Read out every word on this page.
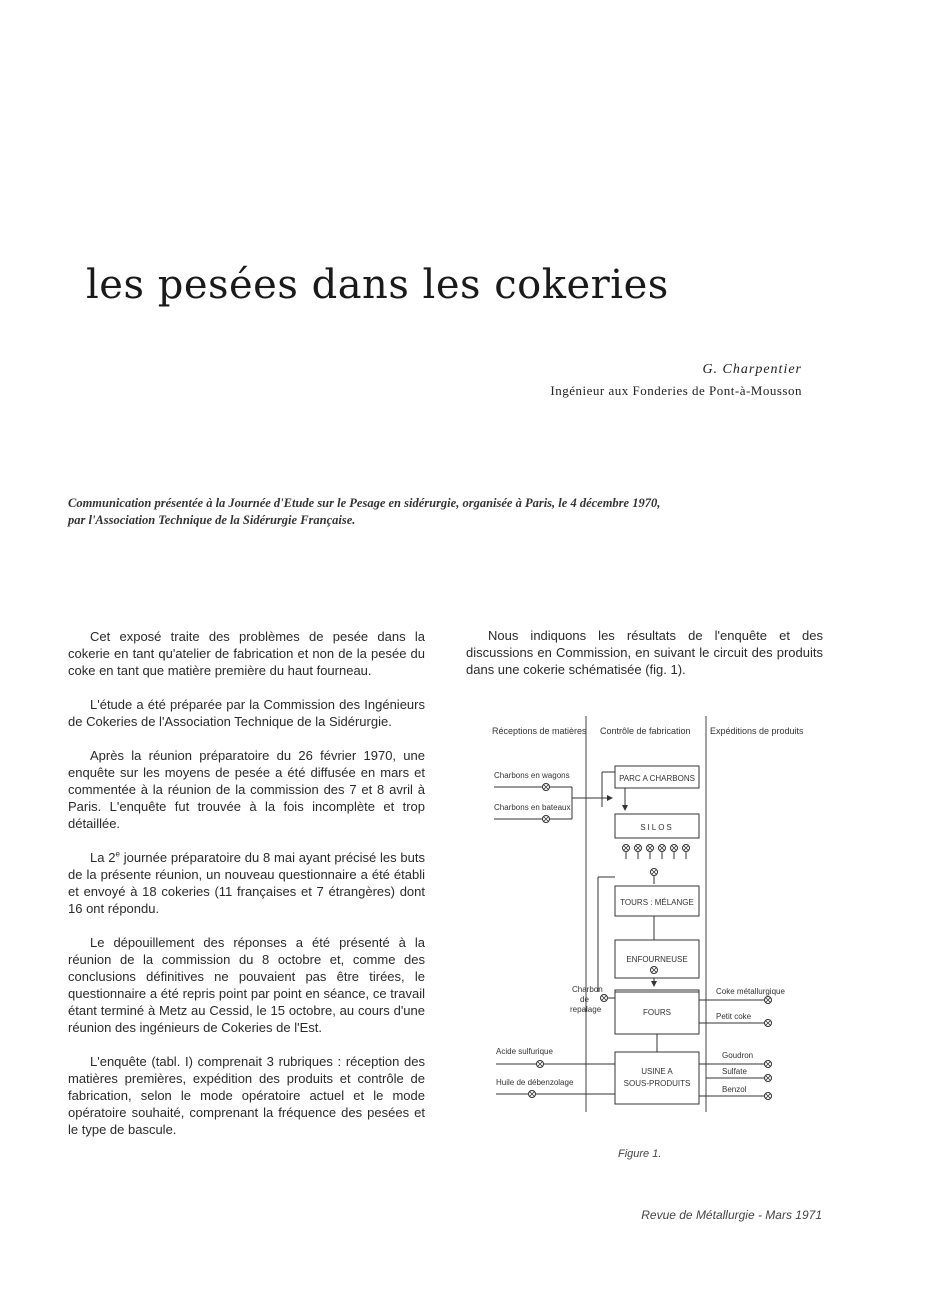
les pesées dans les cokeries
G. Charpentier
Ingénieur aux Fonderies de Pont-à-Mousson

Communication présentée à la Journée d'Etude sur le Pesage en sidérurgie, organisée à Paris, le 4 décembre 1970,

par l'Association Technique de la Sidérurgie Française.

Cet exposé traite des problèmes de pesée dans la cokerie en tant qu'atelier de fabrication et non de la pesée du coke en tant que matière première du haut fourneau.

L'étude a été préparée par la Commission des Ingénieurs de Cokeries de l'Association Technique de la Sidérurgie.

Après la réunion préparatoire du 26 février 1970, une enquête sur les moyens de pesée a été diffusée en mars et commentée à la réunion de la commission des 7 et 8 avril à Paris. L'enquête fut trouvée à la fois incomplète et trop détaillée.

La 2e journée préparatoire du 8 mai ayant précisé les buts de la présente réunion, un nouveau questionnaire a été établi et envoyé à 18 cokeries (11 françaises et 7 étrangères) dont 16 ont répondu.

Le dépouillement des réponses a été présenté à la réunion de la commission du 8 octobre et, comme des conclusions définitives ne pouvaient pas être tirées, le questionnaire a été repris point par point en séance, ce travail étant terminé à Metz au Cessid, le 15 octobre, au cours d'une réunion des ingénieurs de Cokeries de l'Est.

L'enquête (tabl. I) comprenait 3 rubriques : réception des matières premières, expédition des produits et contrôle de fabrication, selon le mode opératoire actuel et le mode opératoire souhaité, comprenant la fréquence des pesées et le type de bascule.

Nous indiquons les résultats de l'enquête et des discussions en Commission, en suivant le circuit des produits dans une cokerie schématisée (fig. 1).

Réceptions de matières Contrôle de fabrication Expéditions de produits
Charbons en wagons
Charbons en bateaux
PARC A CHARBONS
SILOS
TOURS : MÉLANGE
ENFOURNEUSE
FOURS
Charbon
de
repalage
Coke métallurgique
Petit coke
USINE A
SOUS-PRODUITS
Acide sulfurique
Huile de débenzolage
Goudron
Sulfate
Benzol
Figure 1.
Revue de Métallurgie - Mars 1971
